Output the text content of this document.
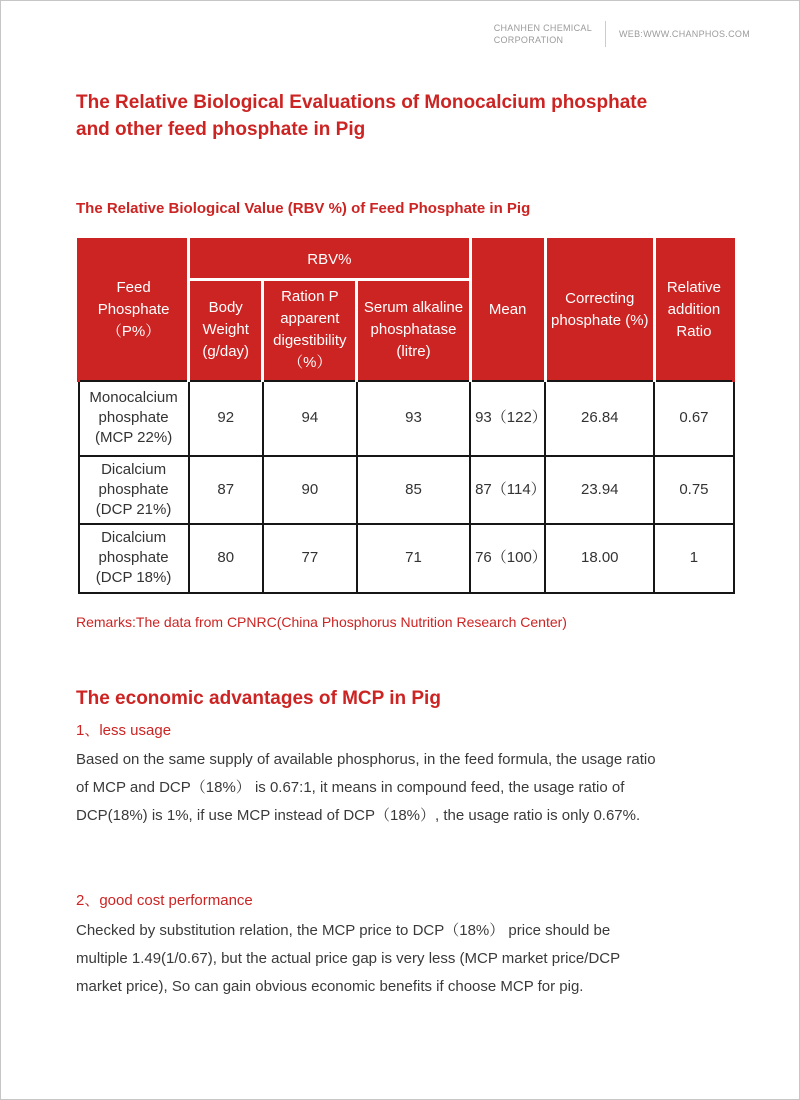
CHANHEN CHEMICAL
CORPORATION
WEB:WWW.CHANPHOS.COM
The Relative Biological Evaluations of Monocalcium phosphate and other feed phosphate in Pig
The Relative Biological Value (RBV %) of Feed Phosphate in Pig
Feed Phosphate（P%）	RBV%			Mean	Correcting phosphate (%)	Relative addition Ratio
	Body Weight (g/day)	Ration P apparent digestibility（%）	Serum alkaline phosphatase (litre)			
Monocalcium phosphate (MCP 22%)	92	94	93	93（122）	26.84	0.67
Dicalcium phosphate (DCP 21%)	87	90	85	87（114）	23.94	0.75
Dicalcium phosphate (DCP 18%)	80	77	71	76（100）	18.00	1
Remarks:The data from CPNRC(China Phosphorus Nutrition Research Center)
The economic advantages of MCP in Pig
1、less usage

Based on the same supply of available phosphorus, in the feed formula, the usage ratio of MCP and DCP（18%） is 0.67:1, it means in compound feed, the usage ratio of DCP(18%) is 1%, if use MCP instead of DCP（18%）, the usage ratio is only 0.67%.

2、good cost performance

Checked by substitution relation, the MCP price to DCP（18%） price should be multiple 1.49(1/0.67), but the actual price gap is very less (MCP market price/DCP market price), So can gain obvious economic benefits if choose MCP for pig.
